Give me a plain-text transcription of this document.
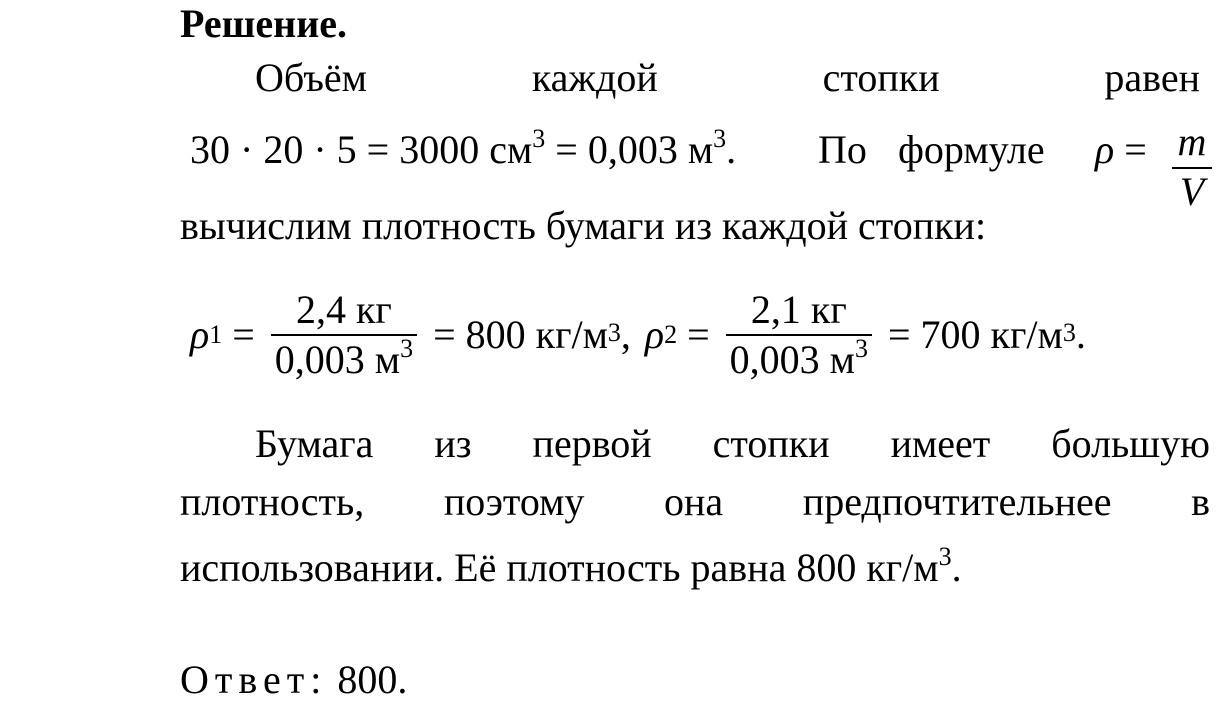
Решение.
Объём	каждой	стопки	равен
30 · 20 · 5 = 3000 $см^3 = 0,003$ $м^3$. По формуле ρ = m
V
вычислим плотность бумаги из каждой стопки:
ρ $1 = \frac{2,4 кг}{0,003 м^3} = 800$ $кг/м^3$ , ρ $2 = \frac{2,1 кг}{0,003 м^3} = 700$ $кг/м^3$ .
Бумага из первой стопки имеет большую
плотность, поэтому она предпочтительнее в
использовании. Её плотность равна 800 $кг/м^3$.
Ответ: 800.
